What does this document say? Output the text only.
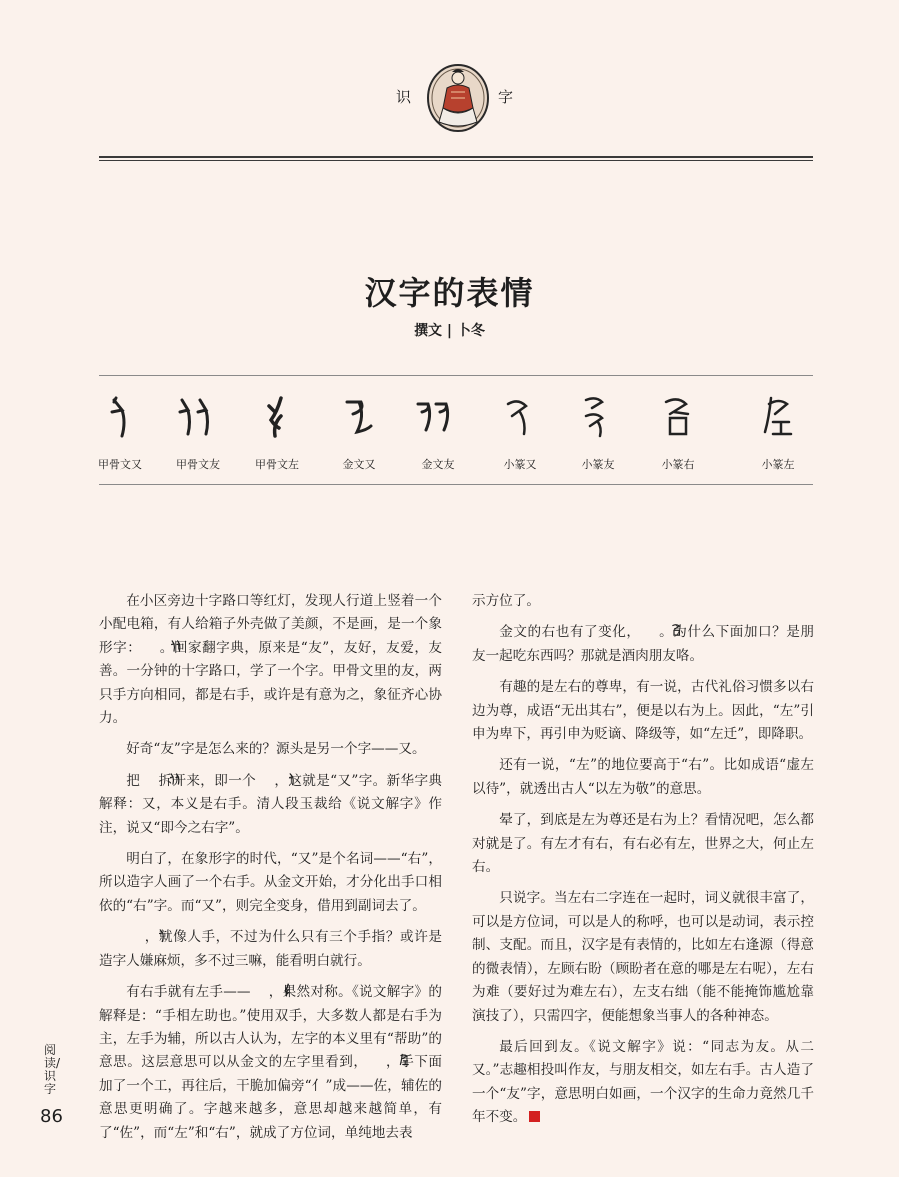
识	字
汉字的表情
撰文 | 卜冬
甲骨文又	甲骨文友	甲骨文左	金文又	金文友	小篆又	小篆友	小篆右	小篆左

在小区旁边十字路口等红灯，发现人行道上竖着一个小配电箱，有人给箱子外壳做了美颜，不是画，是一个象形字： 。回家翻字典，原来是“友”，友好，友爱，友善。一分钟的十字路口，学了一个字。甲骨文里的友，两只手方向相同，都是右手，或许是有意为之，象征齐心协力。

好奇“友”字是怎么来的？源头是另一个字——又。

把 拆开来，即一个 ，这就是“又”字。新华字典解释：又，本义是右手。清人段玉裁给《说文解字》作注，说又“即今之右字”。

明白了，在象形字的时代，“又”是个名词——“右”，所以造字人画了一个右手。从金文开始，才分化出手口相依的“右”字。而“又”，则完全变身，借用到副词去了。

，就像人手，不过为什么只有三个手指？或许是造字人嫌麻烦，多不过三嘛，能看明白就行。

有右手就有左手—— ，果然对称。《说文解字》的解释是：“手相左助也。”使用双手，大多数人都是右手为主，左手为辅，所以古人认为，左字的本义里有“帮助”的意思。这层意思可以从金文的左字里看到， ，手下面加了一个工，再往后，干脆加偏旁“亻”成——佐，辅佐的意思更明确了。字越来越多，意思却越来越简单，有了“佐”，而“左”和“右”，就成了方位词，单纯地去表

示方位了。

金文的右也有了变化， 。为什么下面加口？是朋友一起吃东西吗？那就是酒肉朋友咯。

有趣的是左右的尊卑，有一说，古代礼俗习惯多以右边为尊，成语“无出其右”，便是以右为上。因此，“左”引申为卑下，再引申为贬谪、降级等，如“左迁”，即降职。

还有一说，“左”的地位要高于“右”。比如成语“虚左以待”，就透出古人“以左为敬”的意思。

晕了，到底是左为尊还是右为上？看情况吧，怎么都对就是了。有左才有右，有右必有左，世界之大，何止左右。

只说字。当左右二字连在一起时，词义就很丰富了，可以是方位词，可以是人的称呼，也可以是动词，表示控制、支配。而且，汉字是有表情的，比如左右逢源（得意的微表情），左顾右盼（顾盼者在意的哪是左右呢），左右为难（要好过为难左右），左支右绌（能不能掩饰尴尬靠演技了），只需四字，便能想象当事人的各种神态。

最后回到友。《说文解字》说：“同志为友。从二又。”志趣相投叫作友，与朋友相交，如左右手。古人造了一个“友”字，意思明白如画，一个汉字的生命力竟然几千年不变。

阅读/识字
86
